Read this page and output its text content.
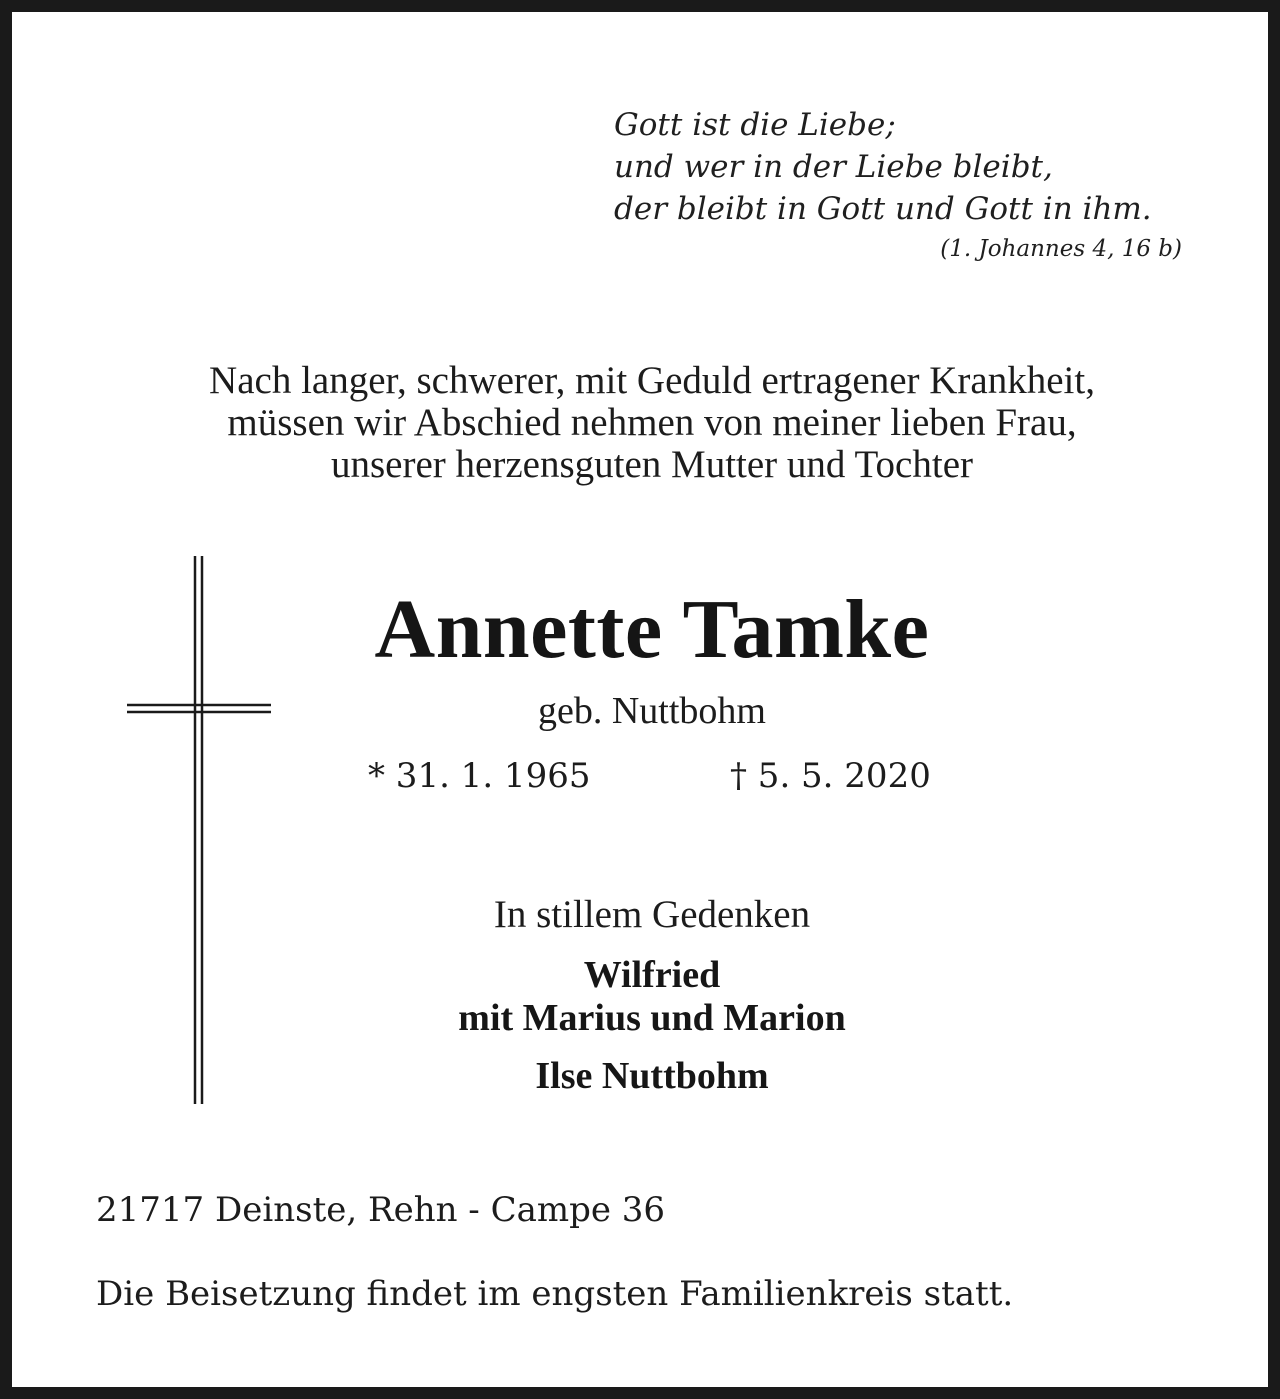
Gott ist die Liebe;
und wer in der Liebe bleibt,
der bleibt in Gott und Gott in ihm.
(1. Johannes 4, 16 b)
Nach langer, schwerer, mit Geduld ertragener Krankheit,
müssen wir Abschied nehmen von meiner lieben Frau,
unserer herzensguten Mutter und Tochter
Annette Tamke
geb. Nuttbohm
* 31. 1. 1965	† 5. 5. 2020
In stillem Gedenken
Wilfried
mit Marius und Marion
Ilse Nuttbohm
21717 Deinste, Rehn - Campe 36
Die Beisetzung findet im engsten Familienkreis statt.
